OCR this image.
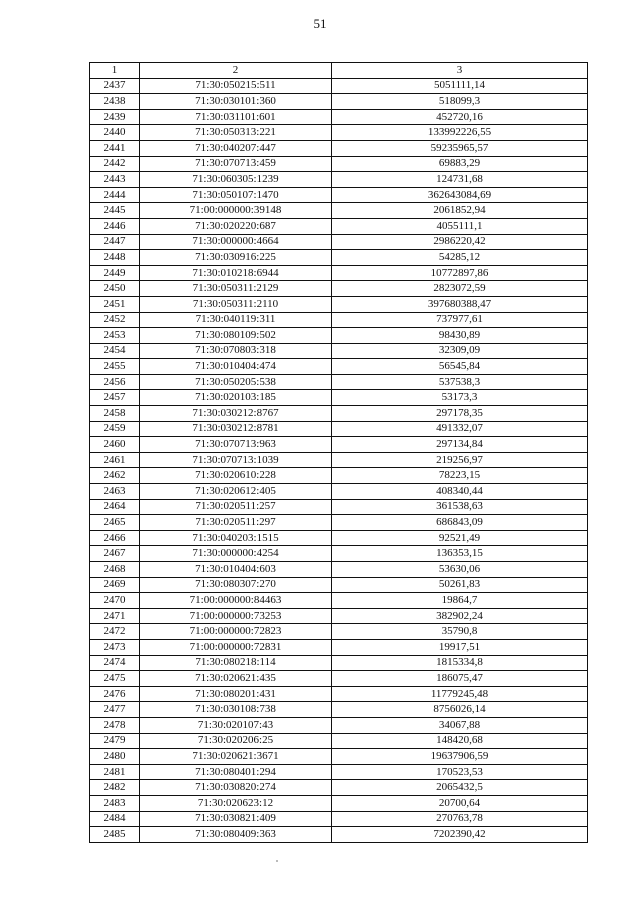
51
1	2	3
2437	71:30:050215:511	5051111,14
2438	71:30:030101:360	518099,3
2439	71:30:031101:601	452720,16
2440	71:30:050313:221	133992226,55
2441	71:30:040207:447	59235965,57
2442	71:30:070713:459	69883,29
2443	71:30:060305:1239	124731,68
2444	71:30:050107:1470	362643084,69
2445	71:00:000000:39148	2061852,94
2446	71:30:020220:687	4055111,1
2447	71:30:000000:4664	2986220,42
2448	71:30:030916:225	54285,12
2449	71:30:010218:6944	10772897,86
2450	71:30:050311:2129	2823072,59
2451	71:30:050311:2110	397680388,47
2452	71:30:040119:311	737977,61
2453	71:30:080109:502	98430,89
2454	71:30:070803:318	32309,09
2455	71:30:010404:474	56545,84
2456	71:30:050205:538	537538,3
2457	71:30:020103:185	53173,3
2458	71:30:030212:8767	297178,35
2459	71:30:030212:8781	491332,07
2460	71:30:070713:963	297134,84
2461	71:30:070713:1039	219256,97
2462	71:30:020610:228	78223,15
2463	71:30:020612:405	408340,44
2464	71:30:020511:257	361538,63
2465	71:30:020511:297	686843,09
2466	71:30:040203:1515	92521,49
2467	71:30:000000:4254	136353,15
2468	71:30:010404:603	53630,06
2469	71:30:080307:270	50261,83
2470	71:00:000000:84463	19864,7
2471	71:00:000000:73253	382902,24
2472	71:00:000000:72823	35790,8
2473	71:00:000000:72831	19917,51
2474	71:30:080218:114	1815334,8
2475	71:30:020621:435	186075,47
2476	71:30:080201:431	11779245,48
2477	71:30:030108:738	8756026,14
2478	71:30:020107:43	34067,88
2479	71:30:020206:25	148420,68
2480	71:30:020621:3671	19637906,59
2481	71:30:080401:294	170523,53
2482	71:30:030820:274	2065432,5
2483	71:30:020623:12	20700,64
2484	71:30:030821:409	270763,78
2485	71:30:080409:363	7202390,42
